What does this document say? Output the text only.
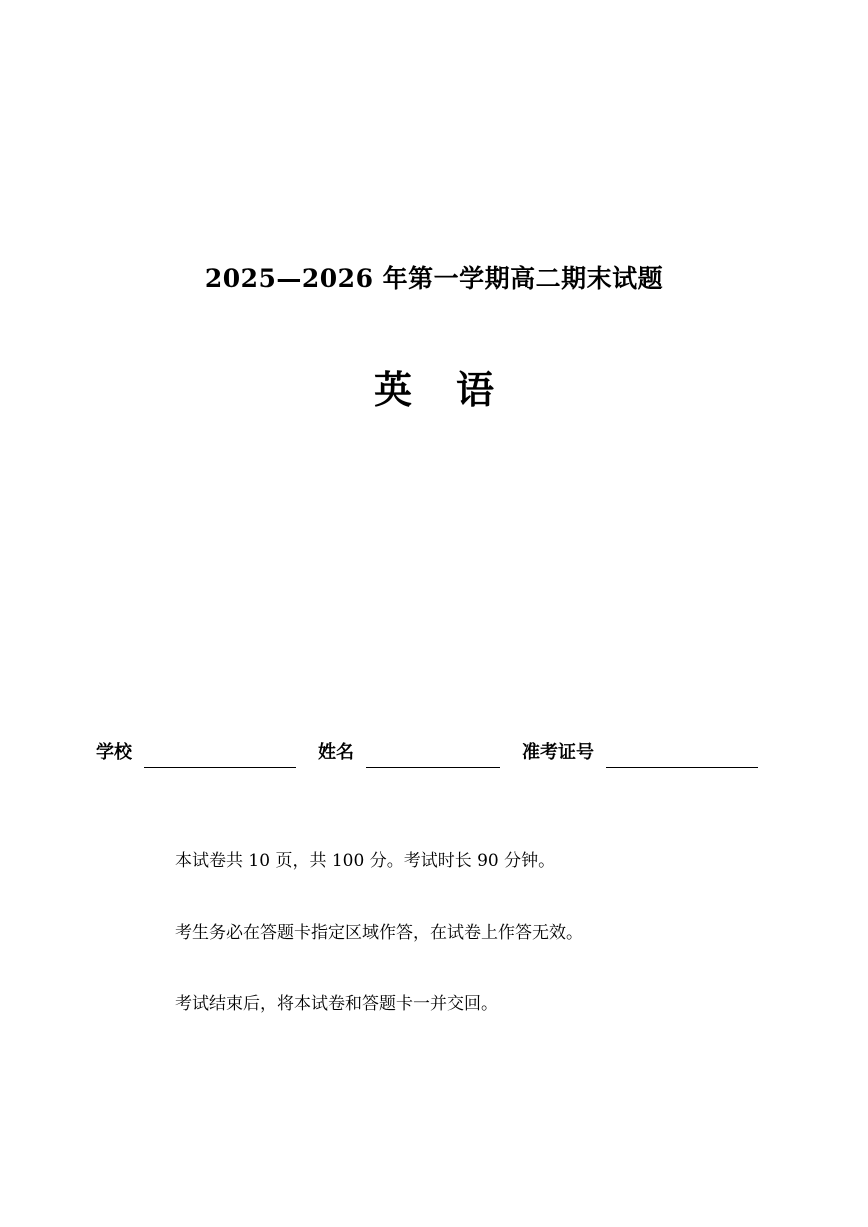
2025—2026 年第一学期高二期末试题
英 语
学校	姓名	准考证号
本试卷共 10 页，共 100 分。考试时长 90 分钟。
考生务必在答题卡指定区域作答，在试卷上作答无效。
考试结束后，将本试卷和答题卡一并交回。
